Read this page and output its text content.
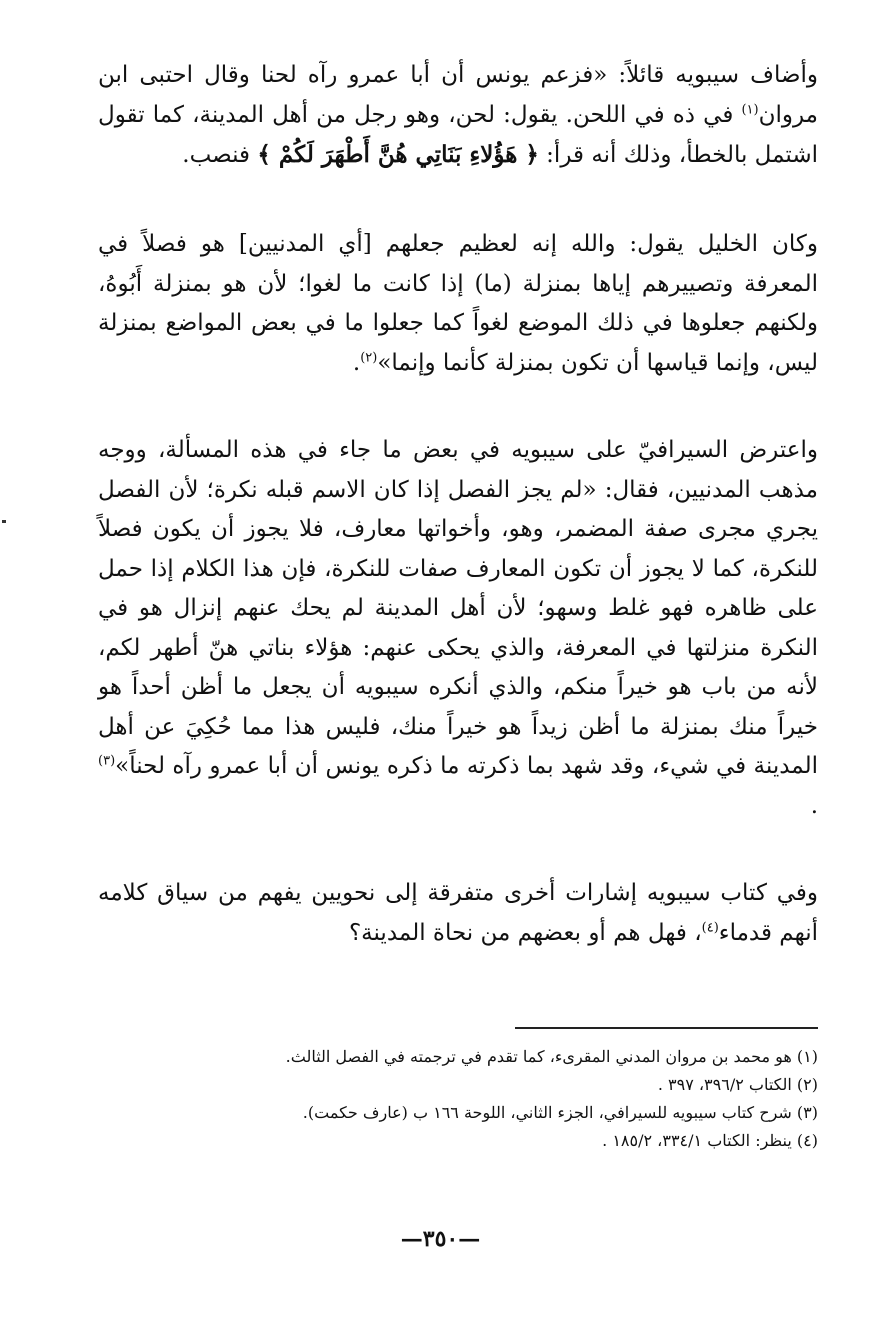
وأضاف سيبويه قائلاً: «فزعم يونس أن أبا عمرو رآه لحنا وقال احتبى ابن مروان$^{(١)}$ في ذه في اللحن. يقول: لحن، وهو رجل من أهل المدينة، كما تقول اشتمل بالخطأ، وذلك أنه قرأ: ﴿ هَؤُلاءِ بَنَاتِي هُنَّ أَطْهَرَ لَكُمْ ﴾ فنصب.

وكان الخليل يقول: والله إنه لعظيم جعلهم [أي المدنيين] هو فصلاً في المعرفة وتصييرهم إياها بمنزلة (ما) إذا كانت ما لغوا؛ لأن هو بمنزلة أَبُوهُ، ولكنهم جعلوها في ذلك الموضع لغواً كما جعلوا ما في بعض المواضع بمنزلة ليس، وإنما قياسها أن تكون بمنزلة كأنما وإنما»$^{(٢)}$.

واعترض السيرافيّ على سيبويه في بعض ما جاء في هذه المسألة، ووجه مذهب المدنيين، فقال: «لم يجز الفصل إذا كان الاسم قبله نكرة؛ لأن الفصل يجري مجرى صفة المضمر، وهو، وأخواتها معارف، فلا يجوز أن يكون فصلاً للنكرة، كما لا يجوز أن تكون المعارف صفات للنكرة، فإن هذا الكلام إذا حمل على ظاهره فهو غلط وسهو؛ لأن أهل المدينة لم يحك عنهم إنزال هو في النكرة منزلتها في المعرفة، والذي يحكى عنهم: هؤلاء بناتي هنّ أطهر لكم، لأنه من باب هو خيراً منكم، والذي أنكره سيبويه أن يجعل ما أظن أحداً هو خيراً منك بمنزلة ما أظن زيداً هو خيراً منك، فليس هذا مما حُكِيَ عن أهل المدينة في شيء، وقد شهد بما ذكرته ما ذكره يونس أن أبا عمرو رآه لحناً»$^{(٣)}$ .

وفي كتاب سيبويه إشارات أخرى متفرقة إلى نحويين يفهم من سياق كلامه أنهم قدماء$^{(٤)}$، فهل هم أو بعضهم من نحاة المدينة؟

(١) هو محمد بن مروان المدني المقرىء، كما تقدم في ترجمته في الفصل الثالث.
(٢) الكتاب ٣٩٦/٢، ٣٩٧ .
(٣) شرح كتاب سيبويه للسيرافي، الجزء الثاني، اللوحة ١٦٦ ب (عارف حكمت).
(٤) ينظر: الكتاب ٣٣٤/١، ١٨٥/٢ .
—٣٥٠—
